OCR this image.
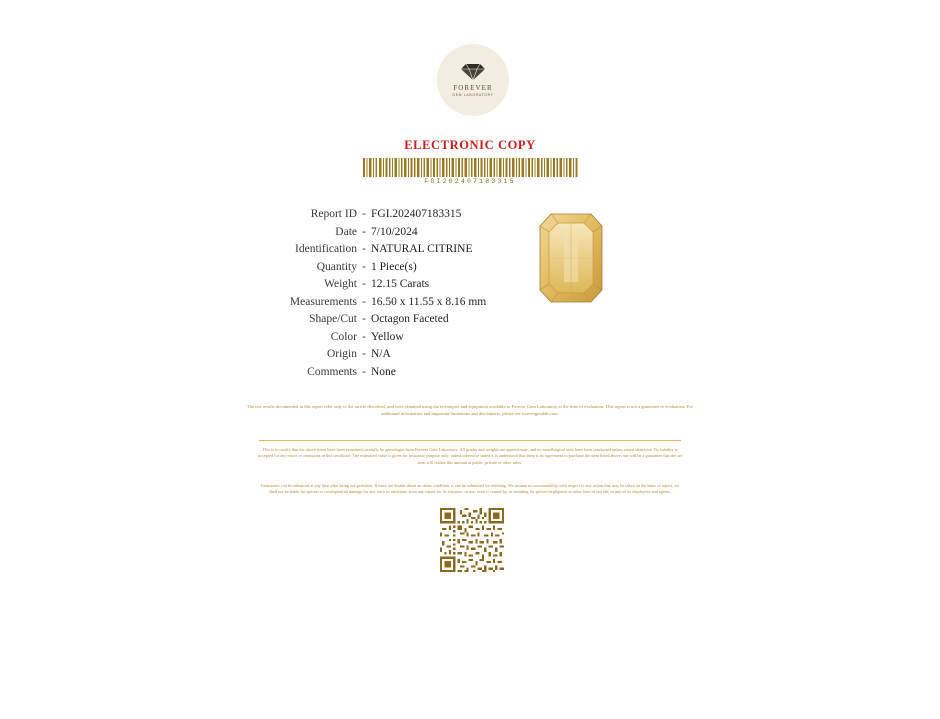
FOREVER
GEM LABORATORY
ELECTRONIC COPY
FGI202407183315
Report ID - FGI.202407183315
Date - 7/10/2024
Identification - NATURAL CITRINE
Quantity - 1 Piece(s)
Weight - 12.15 Carats
Measurements - 16.50 x 11.55 x 8.16 mm
Shape/Cut - Octagon Faceted
Color - Yellow
Origin - N/A
Comments - None
The test results documented in this report refer only to the article described, and were obtained using the techniques and equipment available to Forever Gem Laboratory at the time of evaluation. This report is not a guarantee or evaluation. For additional information and important limitations and disclaimers, please see forevergemlab.com.
This is to certify that the above items have been examined carefully by gemologist from Forever Gem Laboratory. All grades and weights are approximate, and no metallurgical tests have been conducted unless stated otherwise. No liability is accepted for any errors or omissions in this certificate. The estimated value is given for insurance purpose only, unless otherwise stated it is understood that there is no agreement to purchase the item listed above, nor will be a guarantee that the set item will realize this amount at public, private or other sales.
Gemstones can be enhanced at any time after being our premises. If there are doubts about an items condition, it can be submitted for retesting. We assume no accountability with respect to any action that may be taken on the basis of report, we shall not be liable for special or consequential damage for any error or omission, from any report for its issuance, or use, even if caused by, or resulting for proven negligence or other kind of our lab, or any of its employees and agents.
